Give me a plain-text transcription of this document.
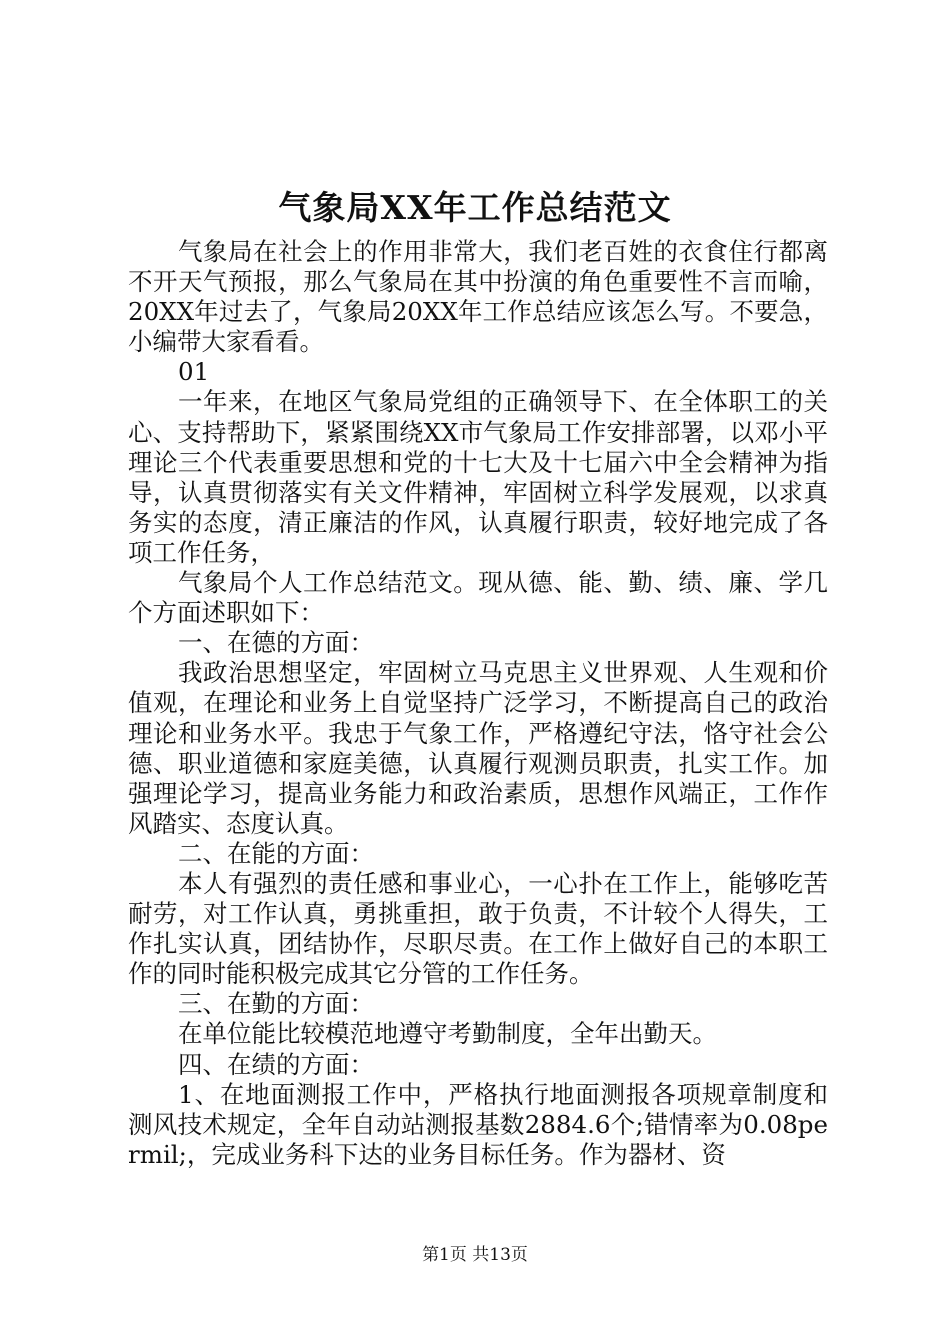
气象局XX年工作总结范文

气象局在社会上的作用非常大，我们老百姓的衣食住行都离不开天气预报，那么气象局在其中扮演的角色重要性不言而喻，20XX年过去了，气象局20XX年工作总结应该怎么写。不要急，小编带大家看看。

01

一年来，在地区气象局党组的正确领导下、在全体职工的关心、支持帮助下，紧紧围绕XX市气象局工作安排部署，以邓小平理论三个代表重要思想和党的十七大及十七届六中全会精神为指导，认真贯彻落实有关文件精神，牢固树立科学发展观，以求真务实的态度，清正廉洁的作风，认真履行职责，较好地完成了各项工作任务，

气象局个人工作总结范文。现从德、能、勤、绩、廉、学几个方面述职如下：

一、在德的方面：

我政治思想坚定，牢固树立马克思主义世界观、人生观和价值观，在理论和业务上自觉坚持广泛学习，不断提高自己的政治理论和业务水平。我忠于气象工作，严格遵纪守法，恪守社会公德、职业道德和家庭美德，认真履行观测员职责，扎实工作。加强理论学习，提高业务能力和政治素质，思想作风端正，工作作风踏实、态度认真。

二、在能的方面：

本人有强烈的责任感和事业心，一心扑在工作上，能够吃苦耐劳，对工作认真，勇挑重担，敢于负责，不计较个人得失，工作扎实认真，团结协作，尽职尽责。在工作上做好自己的本职工作的同时能积极完成其它分管的工作任务。

三、在勤的方面：

在单位能比较模范地遵守考勤制度，全年出勤天。

四、在绩的方面：

1、在地面测报工作中，严格执行地面测报各项规章制度和测风技术规定，全年自动站测报基数2884.6个;错情率为0.08permil;，完成业务科下达的业务目标任务。作为器材、资

第1页 共13页
